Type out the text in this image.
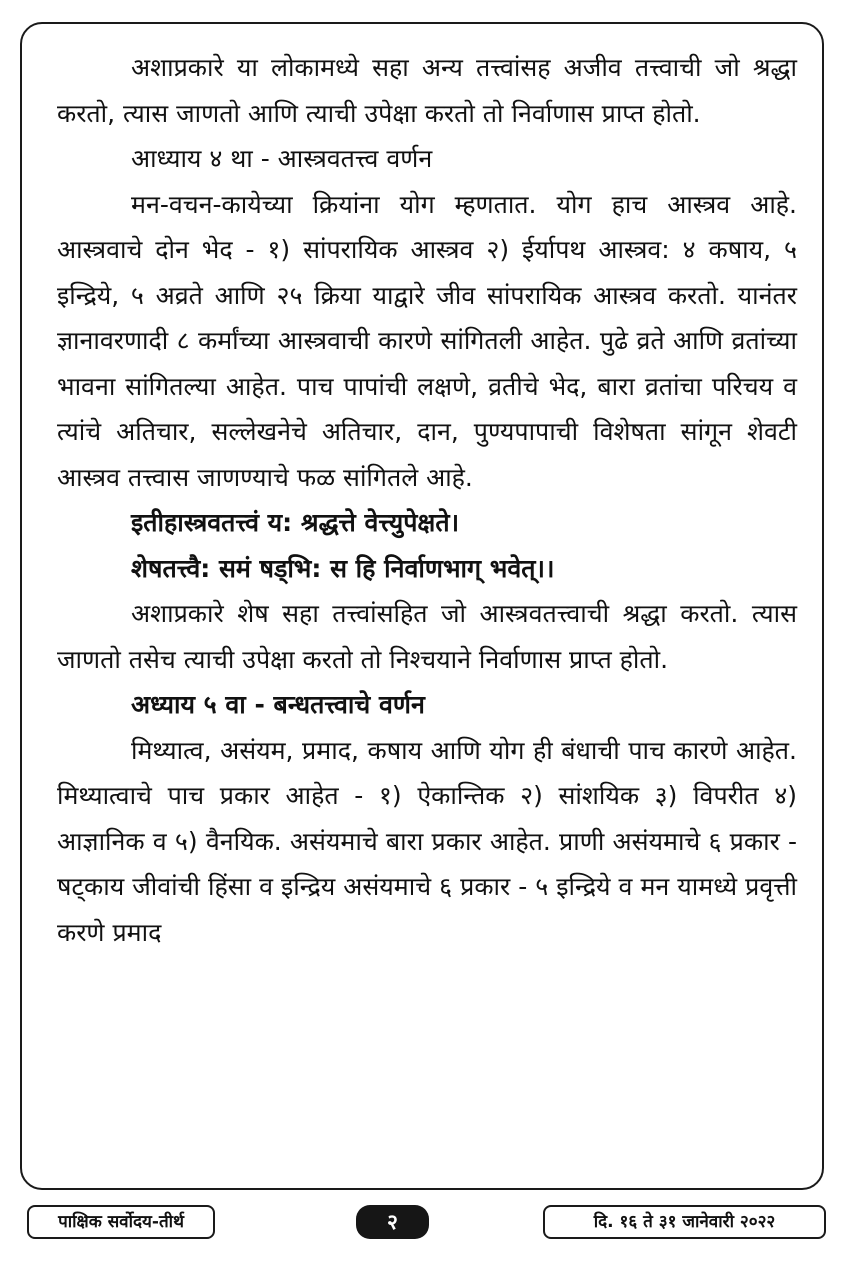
अशाप्रकारे या लोकामध्ये सहा अन्य तत्त्वांसह अजीव तत्त्वाची जो श्रद्धा करतो, त्यास जाणतो आणि त्याची उपेक्षा करतो तो निर्वाणास प्राप्त होतो.

आध्याय ४ था - आस्त्रवतत्त्व वर्णन

मन-वचन-कायेच्या क्रियांना योग म्हणतात. योग हाच आस्त्रव आहे. आस्त्रवाचे दोन भेद - १) सांपरायिक आस्त्रव २) ईर्यापथ आस्त्रव: ४ कषाय, ५ इन्द्रिये, ५ अव्रते आणि २५ क्रिया याद्वारे जीव सांपरायिक आस्त्रव करतो. यानंतर ज्ञानावरणादी ८ कर्मांच्या आस्त्रवाची कारणे सांगितली आहेत. पुढे व्रते आणि व्रतांच्या भावना सांगितल्या आहेत. पाच पापांची लक्षणे, व्रतीचे भेद, बारा व्रतांचा परिचय व त्यांचे अतिचार, सल्लेखनेचे अतिचार, दान, पुण्यपापाची विशेषता सांगून शेवटी आस्त्रव तत्त्वास जाणण्याचे फळ सांगितले आहे.

इतीहास्त्रवतत्त्वं य: श्रद्धत्ते वेत्त्युपेक्षते।

शेषतत्त्वै: समं षड्भि: स हि निर्वाणभाग् भवेत्।।

अशाप्रकारे शेष सहा तत्त्वांसहित जो आस्त्रवतत्त्वाची श्रद्धा करतो. त्यास जाणतो तसेच त्याची उपेक्षा करतो तो निश्चयाने निर्वाणास प्राप्त होतो.

अध्याय ५ वा - बन्धतत्त्वाचे वर्णन

मिथ्यात्व, असंयम, प्रमाद, कषाय आणि योग ही बंधाची पाच कारणे आहेत. मिथ्यात्वाचे पाच प्रकार आहेत - १) ऐकान्तिक २) सांशयिक ३) विपरीत ४) आज्ञानिक व ५) वैनयिक. असंयमाचे बारा प्रकार आहेत. प्राणी असंयमाचे ६ प्रकार - षट्काय जीवांची हिंसा व इन्द्रिय असंयमाचे ६ प्रकार - ५ इन्द्रिये व मन यामध्ये प्रवृत्ती करणे प्रमाद

पाक्षिक सर्वोदय-तीर्थ	२	दि. १६ ते ३१ जानेवारी २०२२
